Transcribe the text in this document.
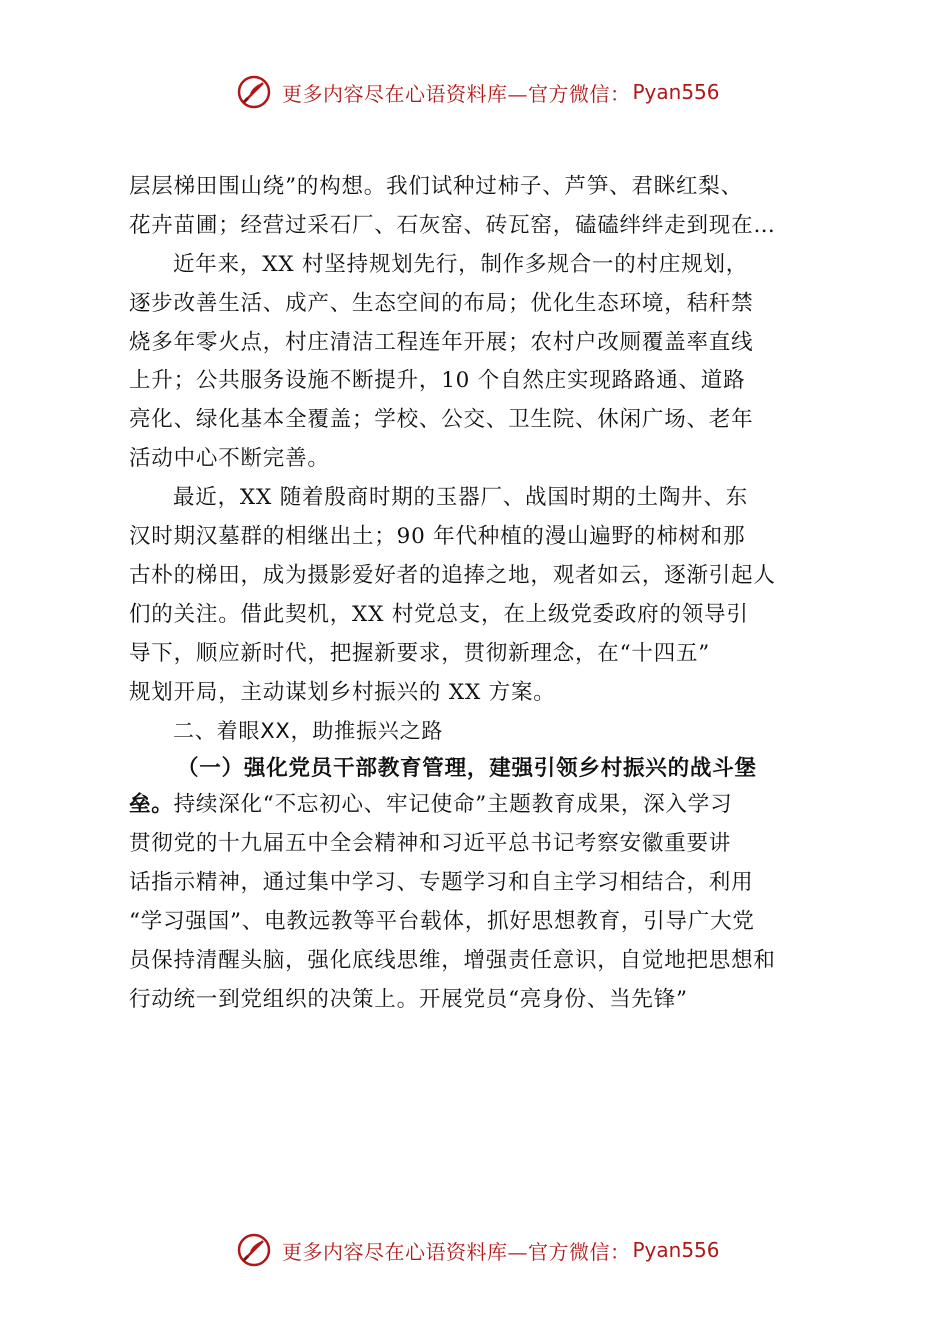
更多内容尽在心语资料库—官方微信： Pyan556
层层梯田围山绕”的构想。我们试种过柿子、芦笋、君眯红梨、
花卉苗圃；经营过采石厂、石灰窑、砖瓦窑，磕磕绊绊走到现在…
近年来，XX 村坚持规划先行，制作多规合一的村庄规划，
逐步改善生活、成产、生态空间的布局；优化生态环境，秸秆禁
烧多年零火点，村庄清洁工程连年开展；农村户改厕覆盖率直线
上升；公共服务设施不断提升，10 个自然庄实现路路通、道路
亮化、绿化基本全覆盖；学校、公交、卫生院、休闲广场、老年
活动中心不断完善。
最近，XX 随着殷商时期的玉器厂、战国时期的土陶井、东
汉时期汉墓群的相继出土；90 年代种植的漫山遍野的柿树和那
古朴的梯田，成为摄影爱好者的追捧之地，观者如云，逐渐引起人
们的关注。借此契机，XX 村党总支，在上级党委政府的领导引
导下，顺应新时代，把握新要求，贯彻新理念，在“十四五”
规划开局，主动谋划乡村振兴的 XX 方案。
二、着眼XX，助推振兴之路
（一）强化党员干部教育管理，建强引领乡村振兴的战斗堡
垒。持续深化“不忘初心、牢记使命”主题教育成果，深入学习
贯彻党的十九届五中全会精神和习近平总书记考察安徽重要讲
话指示精神，通过集中学习、专题学习和自主学习相结合，利用
“学习强国”、电教远教等平台载体，抓好思想教育，引导广大党
员保持清醒头脑，强化底线思维，增强责任意识，自觉地把思想和
行动统一到党组织的决策上。开展党员“亮身份、当先锋”
更多内容尽在心语资料库—官方微信： Pyan556
